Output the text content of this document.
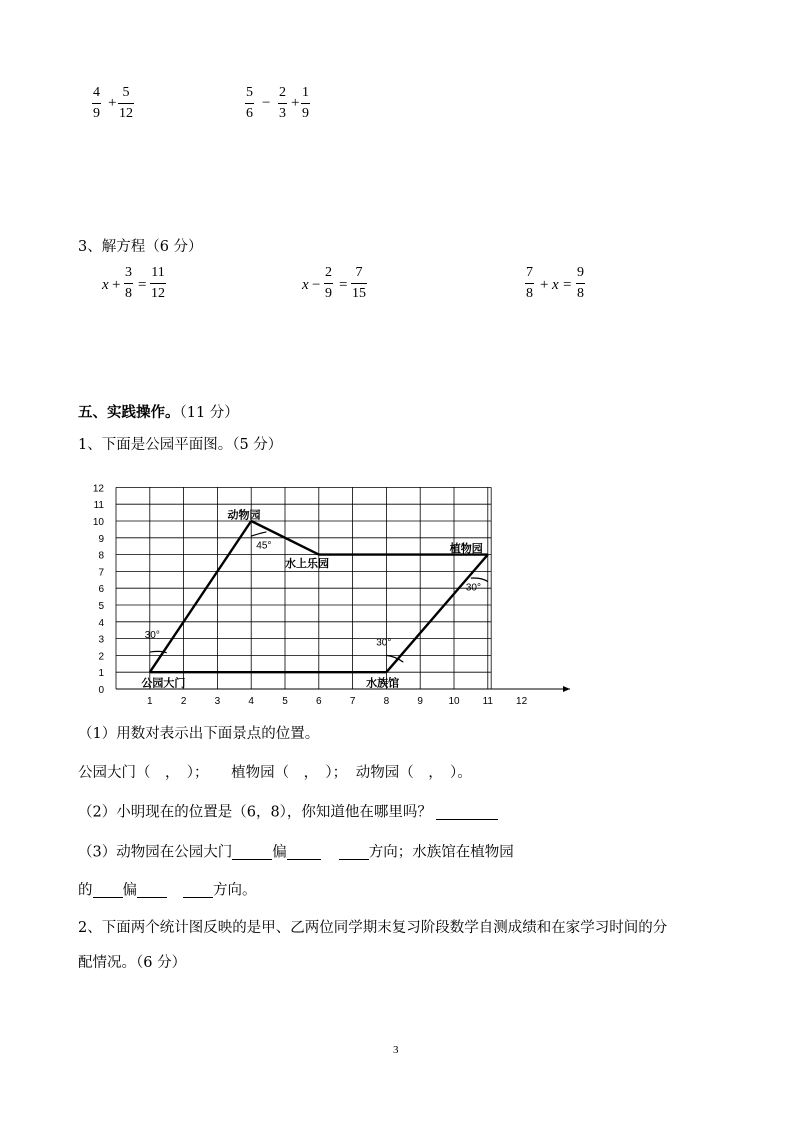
$\frac{4}{9} + \frac{5}{12}$	$\frac{5}{6} - \frac{2}{3} + \frac{1}{9}$
3、解方程（6 分）
$x + \frac{3}{8} = \frac{11}{12}$	$x - \frac{2}{9} = \frac{7}{15}$	$\frac{7}{8} + x = \frac{9}{8}$
五、实践操作。（11 分）
1、下面是公园平面图。（5 分）
30°
45°
30°
30°
公园大门
动物园
水上乐园
植物园
水族馆
0
1
2
3
4
5
6
7
8
9
10
11
12
1	2	3	4	5	6	7	8	9	10 11 12
（1）用数对表示出下面景点的位置。
公园大门（　，　）； 植物园（　，　）； 动物园（　，　）。
（2）小明现在的位置是（6，8），你知道他在哪里吗？
（3）动物园在公园大门	偏	方向；水族馆在植物园
的 偏	方向。
2、下面两个统计图反映的是甲、乙两位同学期末复习阶段数学自测成绩和在家学习时间的分
配情况。（6 分）
3
